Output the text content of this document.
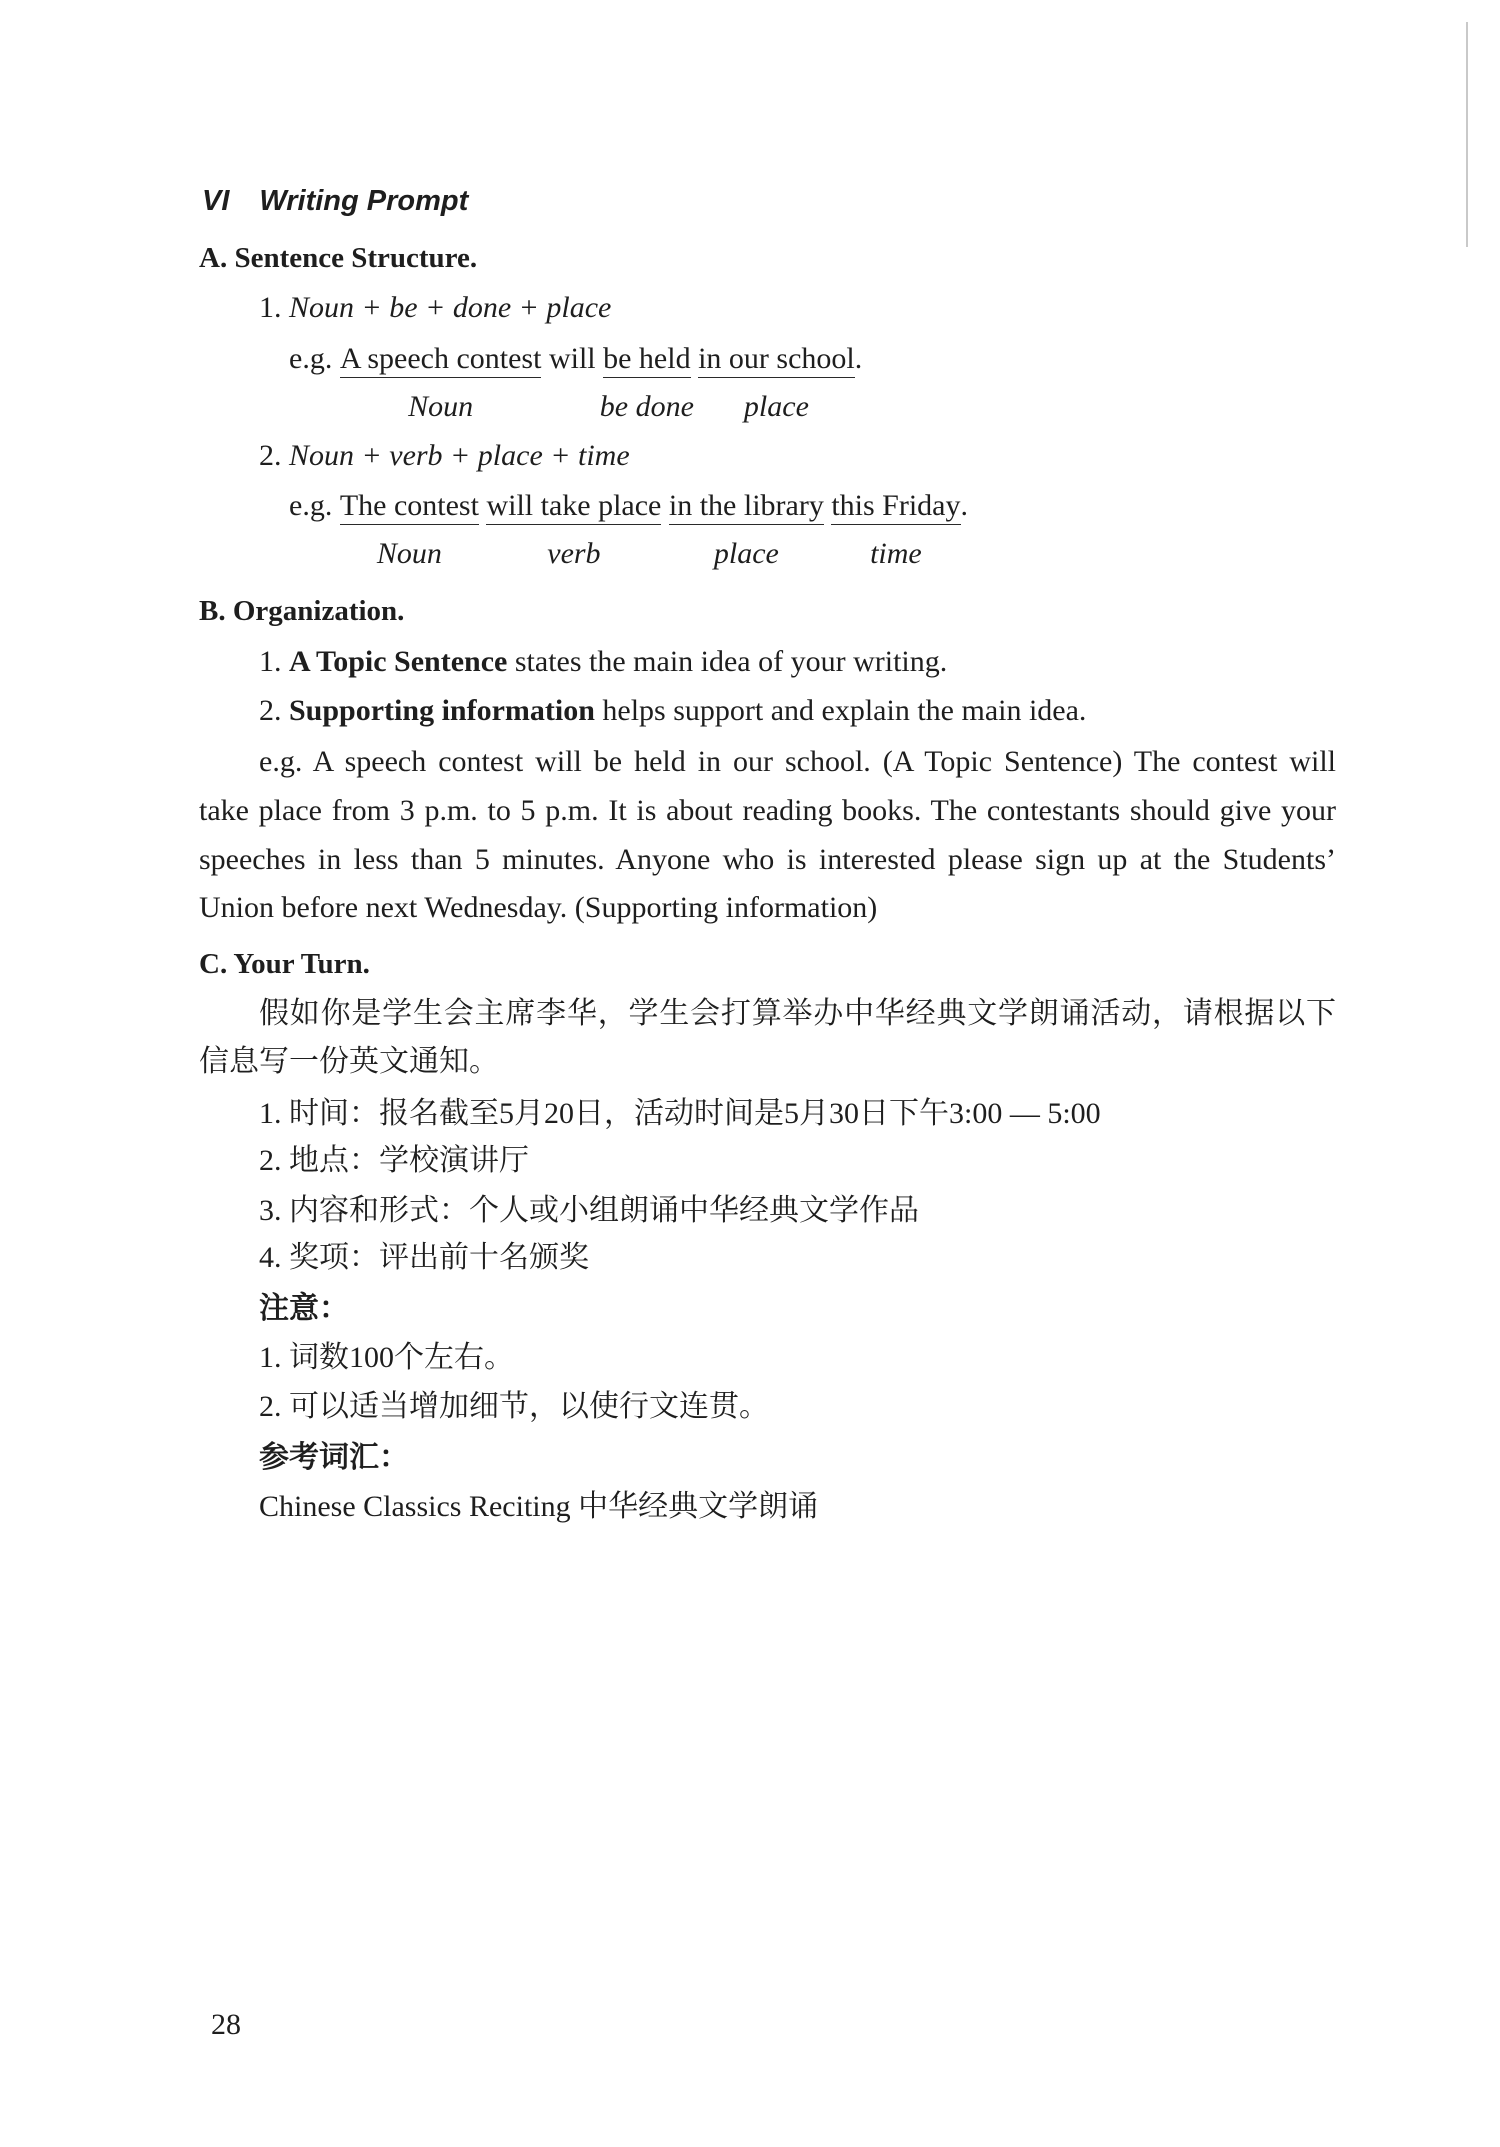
VI Writing Prompt
A. Sentence Structure.
1. Noun + be + done + place
e.g. A speech contest
Noun
will be held
be done
in our school
place
.
2. Noun + verb + place + time
e.g. The contest
Noun
will take place
verb
in the library
place
this Friday
time
.
B. Organization.
1. A Topic Sentence states the main idea of your writing.
2. Supporting information helps support and explain the main idea.
e.g. A speech contest will be held in our school. (A Topic Sentence) The contest will
take place from 3 p.m. to 5 p.m. It is about reading books. The contestants should give your
speeches in less than 5 minutes. Anyone who is interested please sign up at the Students’
Union before next Wednesday. (Supporting information)
C. Your Turn.
假如你是学生会主席李华，学生会打算举办中华经典文学朗诵活动，请根据以下
信息写一份英文通知。
1. 时间：报名截至5月20日，活动时间是5月30日下午3:00 — 5:00
2. 地点：学校演讲厅
3. 内容和形式：个人或小组朗诵中华经典文学作品
4. 奖项：评出前十名颁奖
注意：
1. 词数100个左右。
2. 可以适当增加细节，以使行文连贯。
参考词汇：
Chinese Classics Reciting 中华经典文学朗诵
28
